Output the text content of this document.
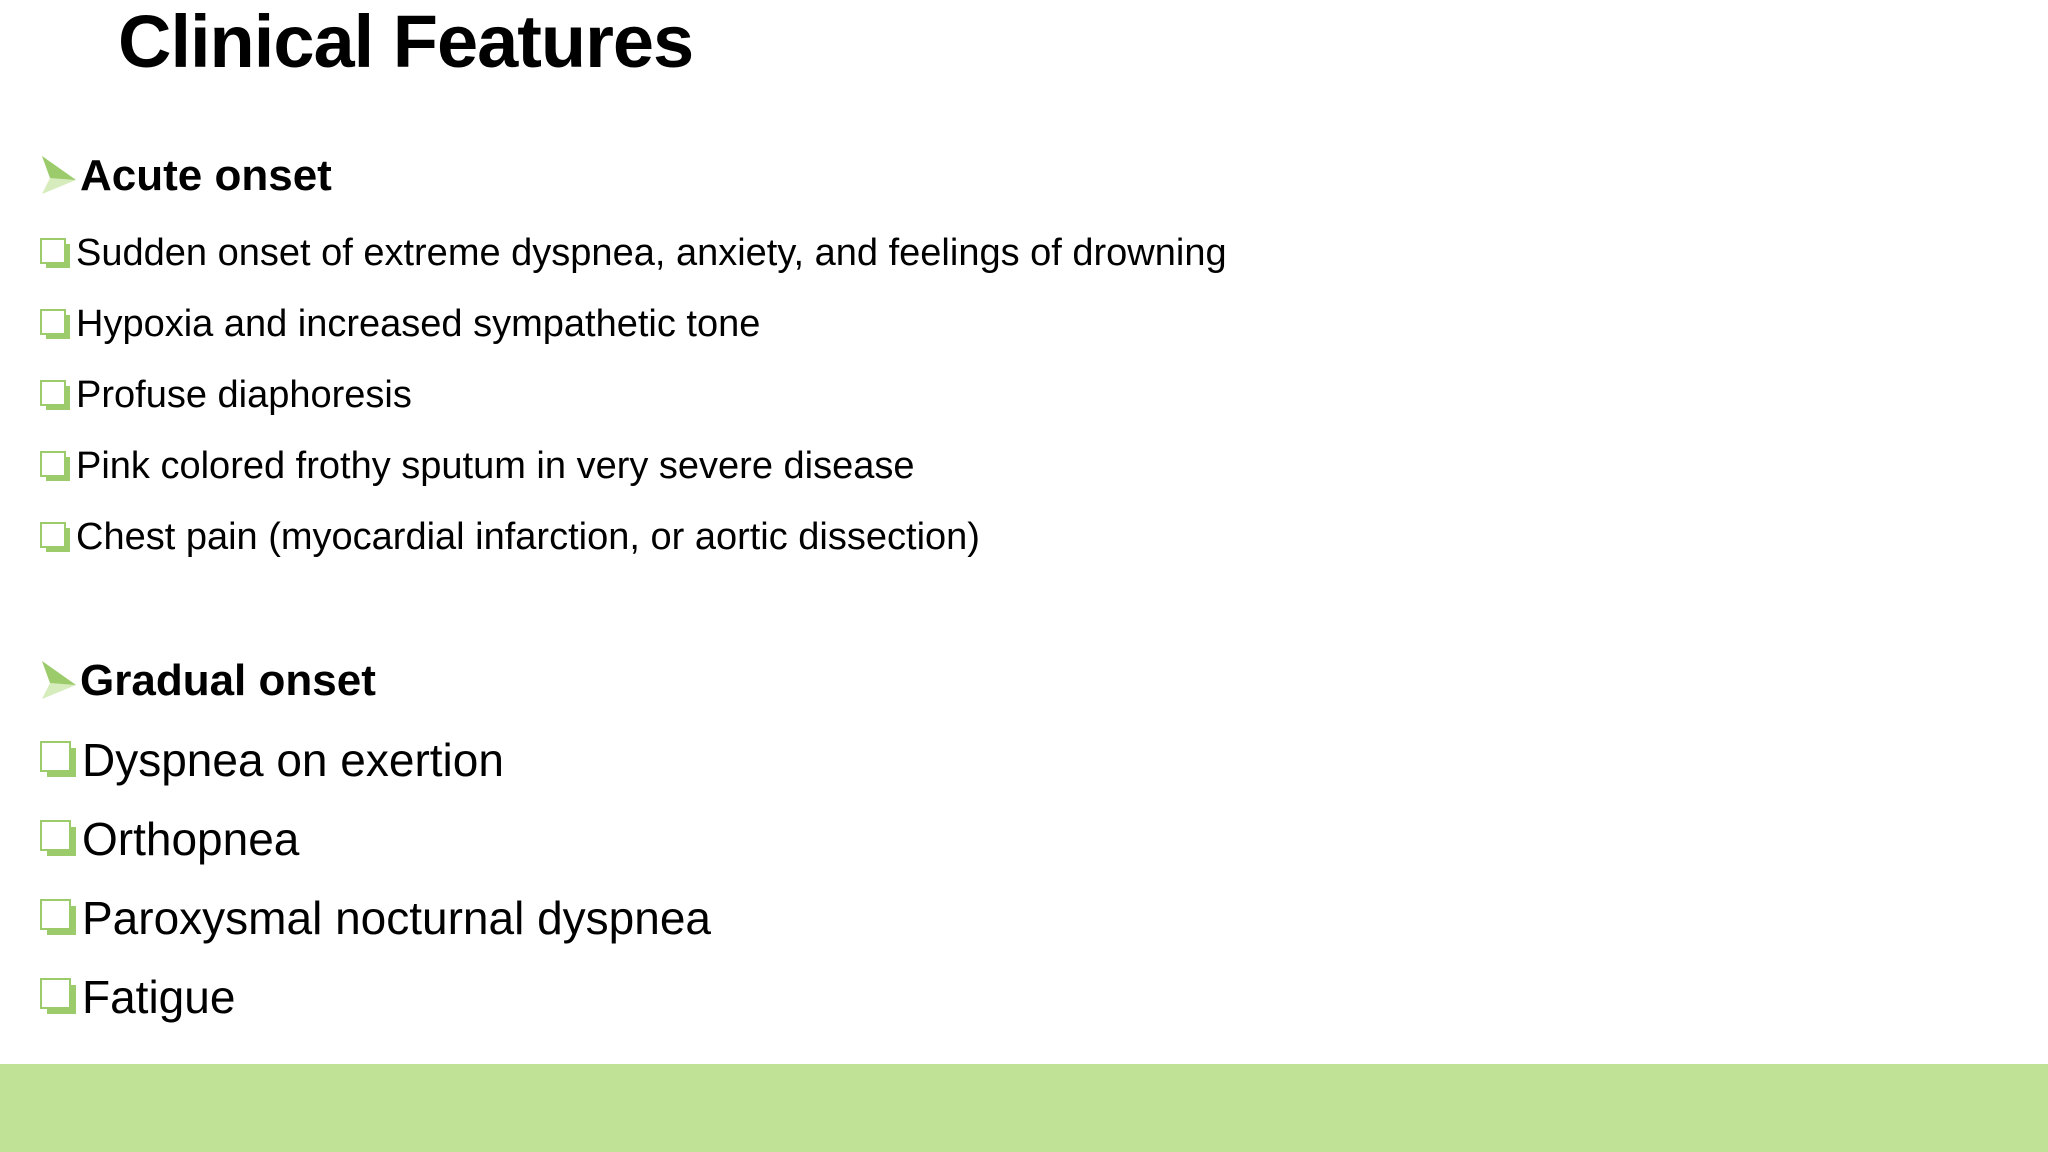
Clinical Features
Acute onset
Sudden onset of extreme dyspnea, anxiety, and feelings of drowning
Hypoxia and increased sympathetic tone
Profuse diaphoresis
Pink colored frothy sputum in very severe disease
Chest pain (myocardial infarction, or aortic dissection)
Gradual onset
Dyspnea on exertion
Orthopnea
Paroxysmal nocturnal dyspnea
Fatigue
